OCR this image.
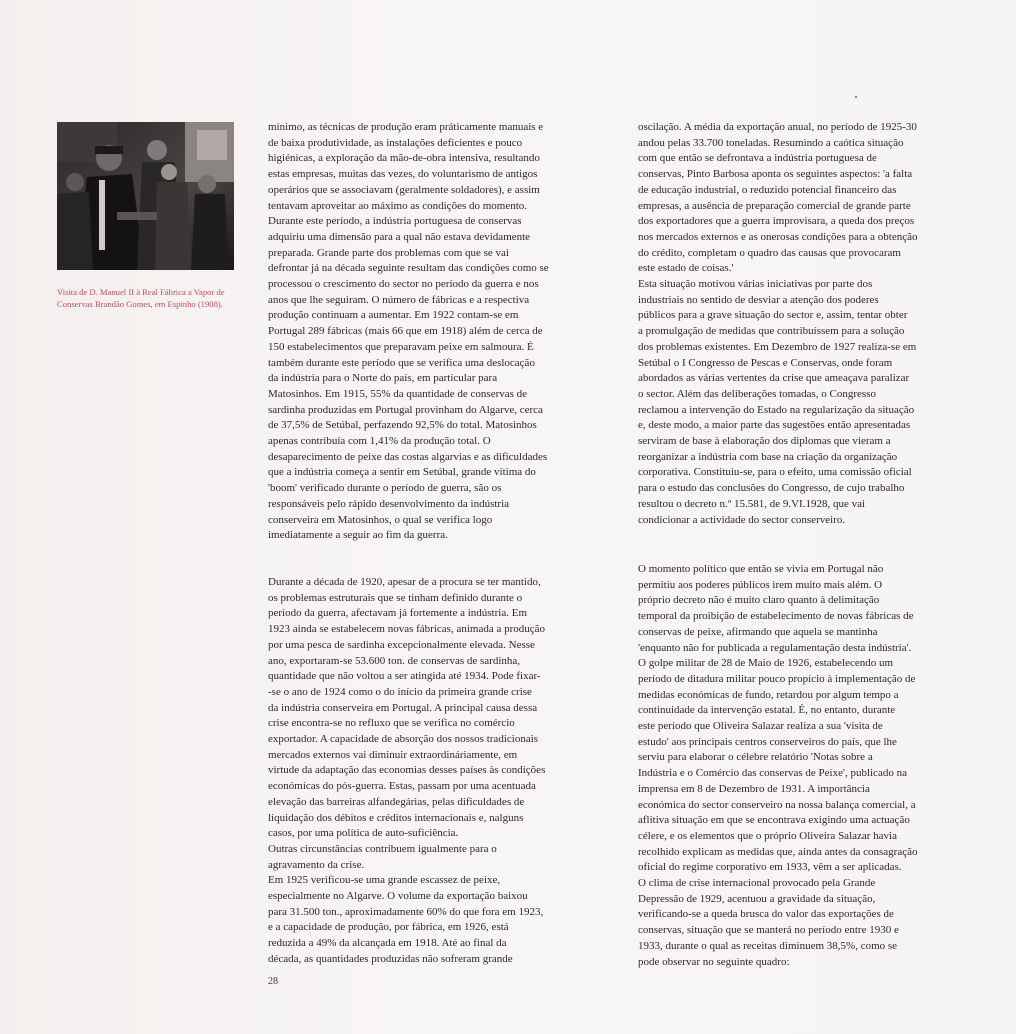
Visita de D. Manuel II à Real Fábrica a Vapor de Conservas Brandão Gomes, em Espinho (1908).

mínimo, as técnicas de produção eram práticamente manuais e

de baixa produtividade, as instalações deficientes e pouco

higiénicas, a exploração da mão-de-obra intensiva, resultando

estas empresas, muitas das vezes, do voluntarismo de antigos

operários que se associavam (geralmente soldadores), e assim

tentavam aproveitar ao máximo as condições do momento.

Durante este período, a indústria portuguesa de conservas

adquiriu uma dimensão para a qual não estava devidamente

preparada. Grande parte dos problemas com que se vai

defrontar já na década seguinte resultam das condições como se

processou o crescimento do sector no período da guerra e nos

anos que lhe seguiram. O número de fábricas e a respectiva

produção continuam a aumentar. Em 1922 contam-se em

Portugal 289 fábricas (mais 66 que em 1918) além de cerca de

150 estabelecimentos que preparavam peixe em salmoura. É

também durante este período que se verifica uma deslocação

da indústria para o Norte do país, em particular para

Matosinhos. Em 1915, 55% da quantidade de conservas de

sardinha produzidas em Portugal provinham do Algarve, cerca

de 37,5% de Setúbal, perfazendo 92,5% do total. Matosinhos

apenas contribuía com 1,41% da produção total. O

desaparecimento de peixe das costas algarvias e as dificuldades

que a indústria começa a sentir em Setúbal, grande vítima do

'boom' verificado durante o período de guerra, são os

responsáveis pelo rápido desenvolvimento da indústria

conserveira em Matosinhos, o qual se verifica logo

imediatamente a seguir ao fim da guerra.

Durante a década de 1920, apesar de a procura se ter mantido,

os problemas estruturais que se tinham definido durante o

período da guerra, afectavam já fortemente a indústria. Em

1923 ainda se estabelecem novas fábricas, animada a produção

por uma pesca de sardinha excepcionalmente elevada. Nesse

ano, exportaram-se 53.600 ton. de conservas de sardinha,

quantidade que não voltou a ser atingida até 1934. Pode fixar-

-se o ano de 1924 como o do início da primeira grande crise

da indústria conserveira em Portugal. A principal causa dessa

crise encontra-se no refluxo que se verifica no comércio

exportador. A capacidade de absorção dos nossos tradicionais

mercados externos vai diminuir extraordináriamente, em

virtude da adaptação das economias desses países às condições

económicas do pós-guerra. Estas, passam por uma acentuada

elevação das barreiras alfandegárias, pelas dificuldades de

liquidação dos débitos e créditos internacionais e, nalguns

casos, por uma política de auto-suficiência.

Outras circunstâncias contribuem igualmente para o

agravamento da crise.

Em 1925 verificou-se uma grande escassez de peixe,

especialmente no Algarve. O volume da exportação baixou

para 31.500 ton., aproximadamente 60% do que fora em 1923,

e a capacidade de produção, por fábrica, em 1926, está

reduzida a 49% da alcançada em 1918. Até ao final da

década, as quantidades produzidas não sofreram grande

oscilação. A média da exportação anual, no período de 1925-30

andou pelas 33.700 toneladas. Resumindo a caótica situação

com que então se defrontava a indústria portuguesa de

conservas, Pinto Barbosa aponta os seguintes aspectos: 'a falta

de educação industrial, o reduzido potencial financeiro das

empresas, a ausência de preparação comercial de grande parte

dos exportadores que a guerra improvisara, a queda dos preços

nos mercados externos e as onerosas condições para a obtenção

do crédito, completam o quadro das causas que provocaram

este estado de coisas.'

Esta situação motivou várias iniciativas por parte dos

industriais no sentido de desviar a atenção dos poderes

públicos para a grave situação do sector e, assim, tentar obter

a promulgação de medidas que contribuíssem para a solução

dos problemas existentes. Em Dezembro de 1927 realiza-se em

Setúbal o I Congresso de Pescas e Conservas, onde foram

abordados as várias vertentes da crise que ameaçava paralizar

o sector. Além das deliberações tomadas, o Congresso

reclamou a intervenção do Estado na regularização da situação

e, deste modo, a maior parte das sugestões então apresentadas

serviram de base à elaboração dos diplomas que vieram a

reorganizar a indústria com base na criação da organização

corporativa. Constituiu-se, para o efeito, uma comissão oficial

para o estudo das conclusões do Congresso, de cujo trabalho

resultou o decreto n.º 15.581, de 9.VI.1928, que vai

condicionar a actividade do sector conserveiro.

O momento político que então se vivia em Portugal não

permitiu aos poderes públicos irem muito mais além. O

próprio decreto não é muito claro quanto à delimitação

temporal da proibição de estabelecimento de novas fábricas de

conservas de peixe, afirmando que aquela se mantinha

'enquanto não for publicada a regulamentação desta indústria'.

O golpe militar de 28 de Maio de 1926, estabelecendo um

período de ditadura militar pouco propício à implementação de

medidas económicas de fundo, retardou por algum tempo a

continuidade da intervenção estatal. É, no entanto, durante

este período que Oliveira Salazar realiza a sua 'visita de

estudo' aos principais centros conserveiros do país, que lhe

serviu para elaborar o célebre relatório 'Notas sobre a

Indústria e o Comércio das conservas de Peixe', publicado na

imprensa em 8 de Dezembro de 1931. A importância

económica do sector conserveiro na nossa balança comercial, a

aflitiva situação em que se encontrava exigindo uma actuação

célere, e os elementos que o próprio Oliveira Salazar havia

recolhido explicam as medidas que, ainda antes da consagração

oficial do regime corporativo em 1933, vêm a ser aplicadas.

O clima de crise internacional provocado pela Grande

Depressão de 1929, acentuou a gravidade da situação,

verificando-se a queda brusca do valor das exportações de

conservas, situação que se manterá no período entre 1930 e

1933, durante o qual as receitas diminuem 38,5%, como se

pode observar no seguinte quadro:

28
